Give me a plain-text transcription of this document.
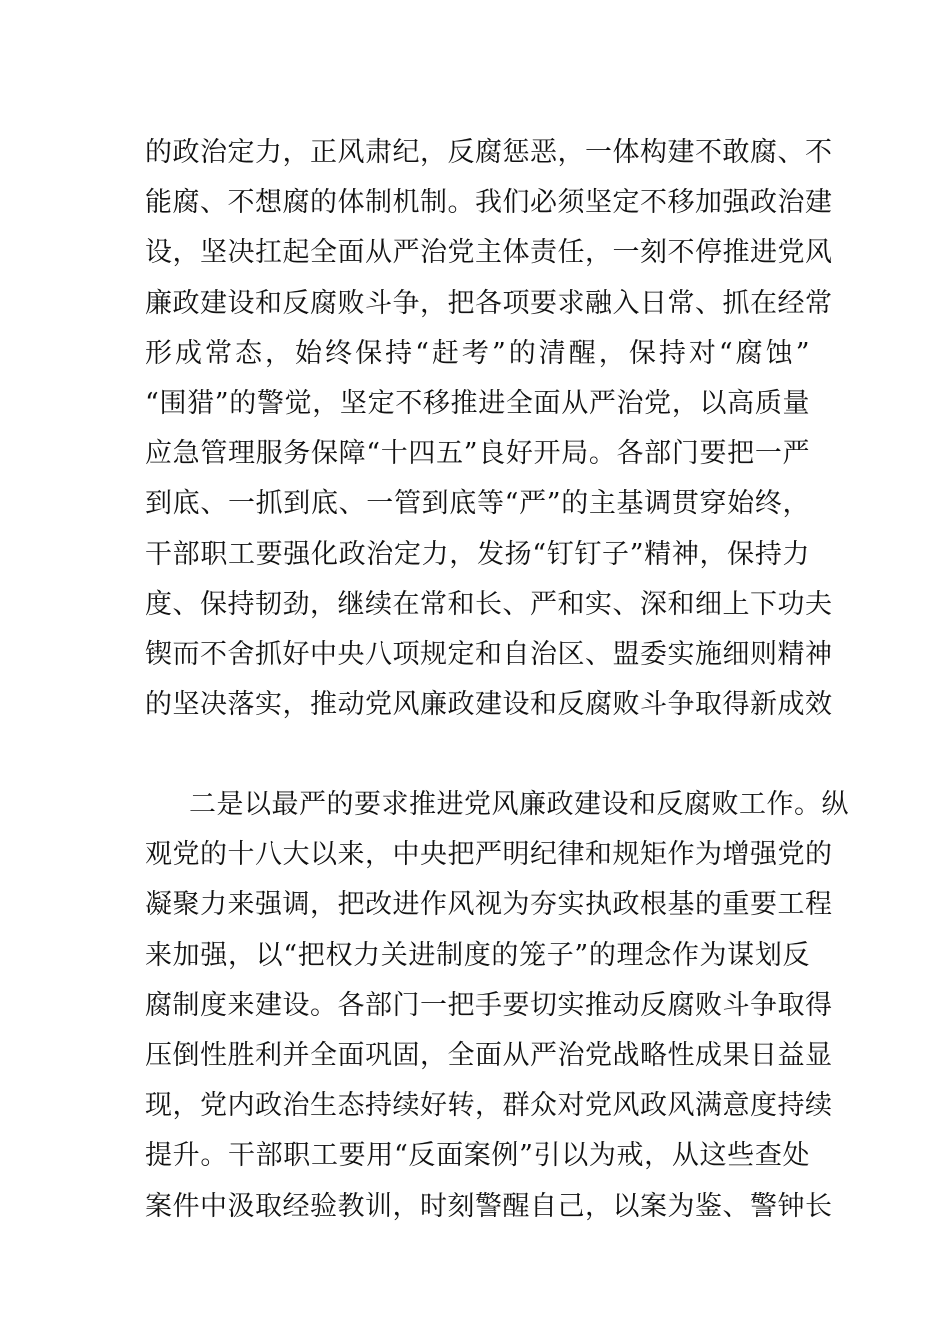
的政治定力，正风肃纪，反腐惩恶，一体构建不敢腐、不
能腐、不想腐的体制机制。我们必须坚定不移加强政治建
设，坚决扛起全面从严治党主体责任，一刻不停推进党风
廉政建设和反腐败斗争，把各项要求融入日常、抓在经常
形成常态，始终保持“赶考”的清醒，保持对“腐蚀”
“围猎”的警觉，坚定不移推进全面从严治党，以高质量
应急管理服务保障“十四五”良好开局。各部门要把一严
到底、一抓到底、一管到底等“严”的主基调贯穿始终，
干部职工要强化政治定力，发扬“钉钉子”精神，保持力
度、保持韧劲，继续在常和长、严和实、深和细上下功夫
锲而不舍抓好中央八项规定和自治区、盟委实施细则精神
的坚决落实，推动党风廉政建设和反腐败斗争取得新成效
二是以最严的要求推进党风廉政建设和反腐败工作。纵
观党的十八大以来，中央把严明纪律和规矩作为增强党的
凝聚力来强调，把改进作风视为夯实执政根基的重要工程
来加强，以“把权力关进制度的笼子”的理念作为谋划反
腐制度来建设。各部门一把手要切实推动反腐败斗争取得
压倒性胜利并全面巩固，全面从严治党战略性成果日益显
现，党内政治生态持续好转，群众对党风政风满意度持续
提升。干部职工要用“反面案例”引以为戒，从这些查处
案件中汲取经验教训，时刻警醒自己，以案为鉴、警钟长
